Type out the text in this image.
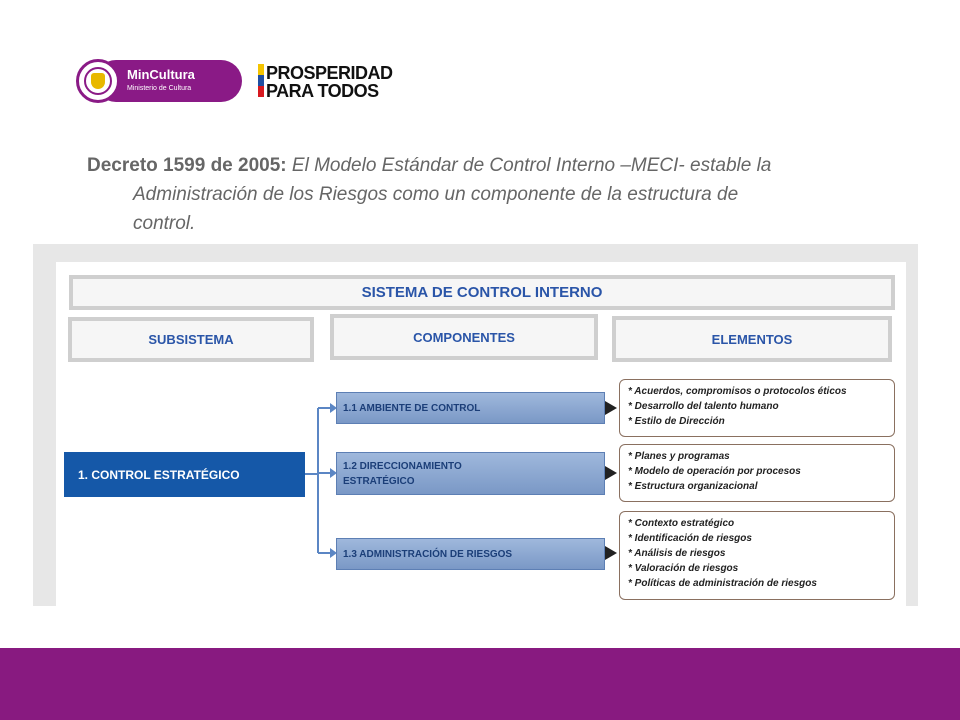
MinCultura
Ministerio de Cultura
PROSPERIDAD
PARA TODOS
Decreto 1599 de 2005: El Modelo Estándar de Control Interno –MECI- estable la
Administración de los Riesgos como un componente de la estructura de
control.
SISTEMA DE CONTROL INTERNO
SUBSISTEMA	COMPONENTES	ELEMENTOS
1. CONTROL ESTRATÉGICO
1.1 AMBIENTE DE CONTROL
1.2 DIRECCIONAMIENTO
ESTRATÉGICO
1.3 ADMINISTRACIÓN DE RIESGOS
* Acuerdos, compromisos o protocolos éticos
* Desarrollo del talento humano
* Estilo de Dirección
* Planes y programas
* Modelo de operación por procesos
* Estructura organizacional
* Contexto estratégico
* Identificación de riesgos
* Análisis de riesgos
* Valoración de riesgos
* Políticas de administración de riesgos
